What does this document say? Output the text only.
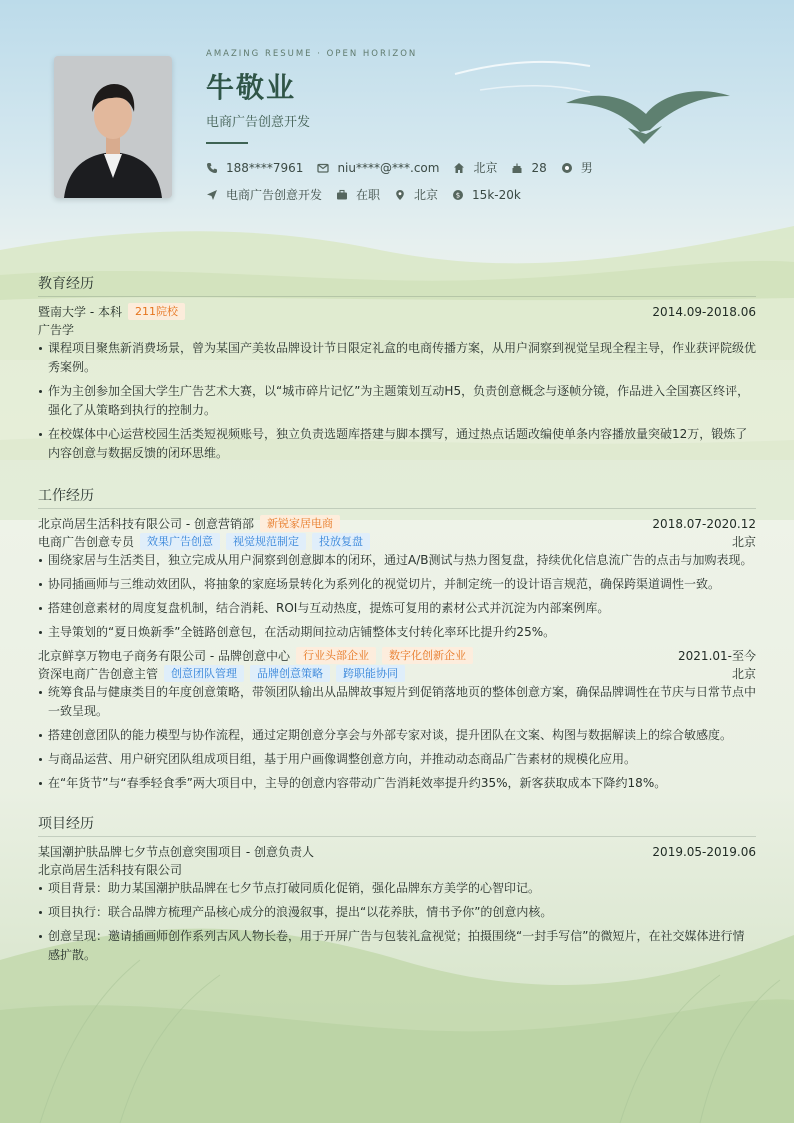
AMAZING RESUME · OPEN HORIZON
牛敬业
电商广告创意开发
188****7961	niu****@***.com	北京	28	男
电商广告创意开发	在职	北京	$ 15k-20k
教育经历
暨南大学 - 本科	211院校	2014.09-2018.06
广告学
课程项目聚焦新消费场景，曾为某国产美妆品牌设计节日限定礼盒的电商传播方案，从用户洞察到视觉呈现全程主导，作业获评院级优秀案例。
作为主创参加全国大学生广告艺术大赛，以“城市碎片记忆”为主题策划互动H5，负责创意概念与逐帧分镜，作品进入全国赛区终评，强化了从策略到执行的控制力。
在校媒体中心运营校园生活类短视频账号，独立负责选题库搭建与脚本撰写，通过热点话题改编使单条内容播放量突破12万，锻炼了内容创意与数据反馈的闭环思维。
工作经历
北京尚居生活科技有限公司 - 创意营销部	新锐家居电商	2018.07-2020.12
电商广告创意专员	效果广告创意	视觉规范制定	投放复盘	北京
围绕家居与生活类目，独立完成从用户洞察到创意脚本的闭环，通过A/B测试与热力图复盘，持续优化信息流广告的点击与加购表现。
协同插画师与三维动效团队，将抽象的家庭场景转化为系列化的视觉切片，并制定统一的设计语言规范，确保跨渠道调性一致。
搭建创意素材的周度复盘机制，结合消耗、ROI与互动热度，提炼可复用的素材公式并沉淀为内部案例库。
主导策划的“夏日焕新季”全链路创意包，在活动期间拉动店铺整体支付转化率环比提升约25%。
北京鲜享万物电子商务有限公司 - 品牌创意中心	行业头部企业	数字化创新企业	2021.01-至今
资深电商广告创意主管	创意团队管理	品牌创意策略	跨职能协同	北京
统筹食品与健康类目的年度创意策略，带领团队输出从品牌故事短片到促销落地页的整体创意方案，确保品牌调性在节庆与日常节点中一致呈现。
搭建创意团队的能力模型与协作流程，通过定期创意分享会与外部专家对谈，提升团队在文案、构图与数据解读上的综合敏感度。
与商品运营、用户研究团队组成项目组，基于用户画像调整创意方向，并推动动态商品广告素材的规模化应用。
在“年货节”与“春季轻食季”两大项目中，主导的创意内容带动广告消耗效率提升约35%，新客获取成本下降约18%。
项目经历
某国潮护肤品牌七夕节点创意突围项目 - 创意负责人	2019.05-2019.06
北京尚居生活科技有限公司
项目背景：助力某国潮护肤品牌在七夕节点打破同质化促销，强化品牌东方美学的心智印记。
项目执行：联合品牌方梳理产品核心成分的浪漫叙事，提出“以花养肤，情书予你”的创意内核。
创意呈现：邀请插画师创作系列古风人物长卷，用于开屏广告与包装礼盒视觉；拍摄围绕“一封手写信”的微短片，在社交媒体进行情感扩散。
